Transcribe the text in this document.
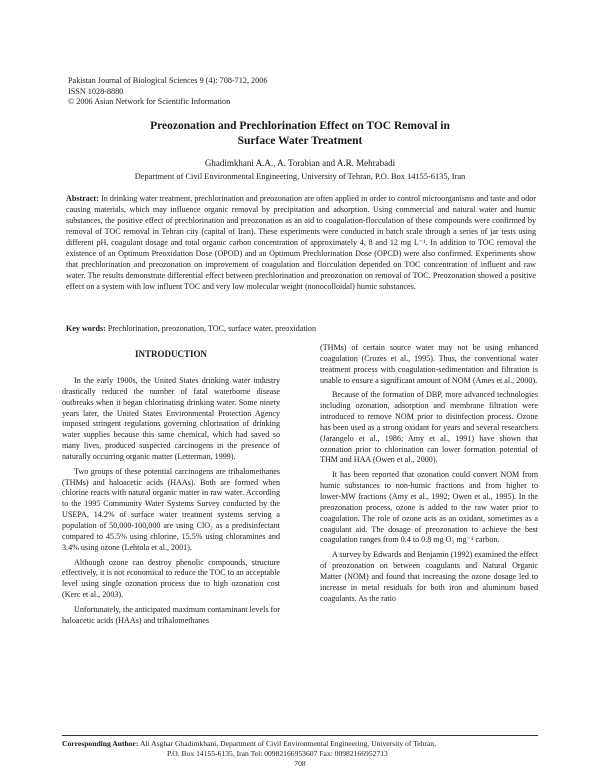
Pakistan Journal of Biological Sciences 9 (4): 708-712, 2006
ISSN 1028-8880
© 2006 Asian Network for Scientific Information
Preozonation and Prechlorination Effect on TOC Removal in
Surface Water Treatment
Ghadimkhani A.A., A. Torabian and A.R. Mehrabadi
Department of Civil Environmental Engineering, University of Tehran, P.O. Box 14155-6135, Iran
Abstract: In drinking water treatment, prechlorination and preozonation are often applied in order to control microorganisms and taste and odor causing materials, which may influence organic removal by precipitation and adsorption. Using commercial and natural water and humic substances, the positive effect of prechlorination and preozonation as an aid to coagulation-flocculation of these compounds were confirmed by removal of TOC removal in Tehran city (capital of Iran). These experiments were conducted in batch scale through a series of jar tests using different pH, coagulant dosage and total organic carbon concentration of approximately 4, 8 and 12 mg L⁻¹. In addition to TOC removal the existence of an Optimum Preoxidation Dose (OPOD) and an Optimum Prechlorination Dose (OPCD) were also confirmed. Experiments show that prechlorination and preozonation on improvement of coagulation and flocculation depended on TOC concentration of influent and raw water. The results demonstrate differential effect between prechlorination and preozonation on removal of TOC. Preozonation showed a positive effect on a system with low influent TOC and very low molecular weight (nonocolloidal) humic substances.
Key words: Prechlorination, preozonation, TOC, surface water, preoxidation
INTRODUCTION

In the early 1900s, the United States drinking water industry drastically reduced the number of fatal waterborne disease outbreaks when it began chlorinating drinking water. Some ninety years later, the United States Environmental Protection Agency imposed stringent regulations governing chlorination of drinking water supplies because this same chemical, which had saved so many lives, produced suspected carcinogens in the presence of naturally occurring organic matter (Letterman, 1999).

Two groups of these potential carcinogens are trihalomethanes (THMs) and haloacetic acids (HAAs). Both are formed when chlorine reacts with natural organic matter in raw water. According to the 1995 Community Water Systems Survey conducted by the USEPA, 14.2% of surface water treatment systems serving a population of 50,000-100,000 are using ClO₂ as a predisinfectant compared to 45.5% using chlorine, 15.5% using chloramines and 3.4% using ozone (Lehtola et al., 2001).

Although ozone can destroy phenolic compounds, structure effectively, it is not economical to reduce the TOC to an acceptable level using single ozonation process due to high ozonation cost (Kerc et al., 2003).

Unfortunately, the anticipated maximum contaminant levels for haloacetic acids (HAAs) and trihalomethanes

(THMs) of certain source water may not be using enhanced coagulation (Crozes et al., 1995). Thus, the conventional water treatment process with coagulation-sedimentation and filtration is unable to ensure a significant amount of NOM (Ames et al., 2000).

Because of the formation of DBP, more advanced technologies including ozonation, adsorption and membrane filtration were introduced to remove NOM prior to disinfection process. Ozone has been used as a strong oxidant for years and several researchers (Jarangelo et al., 1986; Amy et al., 1991) have shown that ozonation prior to chlorination can lower formation potential of THM and HAA (Owen et al., 2000).

It has been reported that ozonation could convert NOM from humic substances to non-humic fractions and from higher to lower-MW fractions (Amy et al., 1992; Owen et al., 1995). In the preozonation process, ozone is added to the raw water prior to coagulation. The role of ozone acts as an oxidant, sometimes as a coagulant aid. The dosage of preozonation to achieve the best coagulation ranges from 0.4 to 0.8 mg O₃ mg⁻¹ carbon.

A survey by Edwards and Benjamin (1992) examined the effect of preozonation on between coagulants and Natural Organic Matter (NOM) and found that increasing the ozone dosage led to increase in metal residuals for both iron and aluminum based coagulants. As the ratio

Corresponding Author: Ali Asghar Ghadimkhani, Department of Civil Environmental Engineering, University of Tehran,
P.O. Box 14155-6135, Iran Tel: 00982166953607 Fax: 00982166952713
708
